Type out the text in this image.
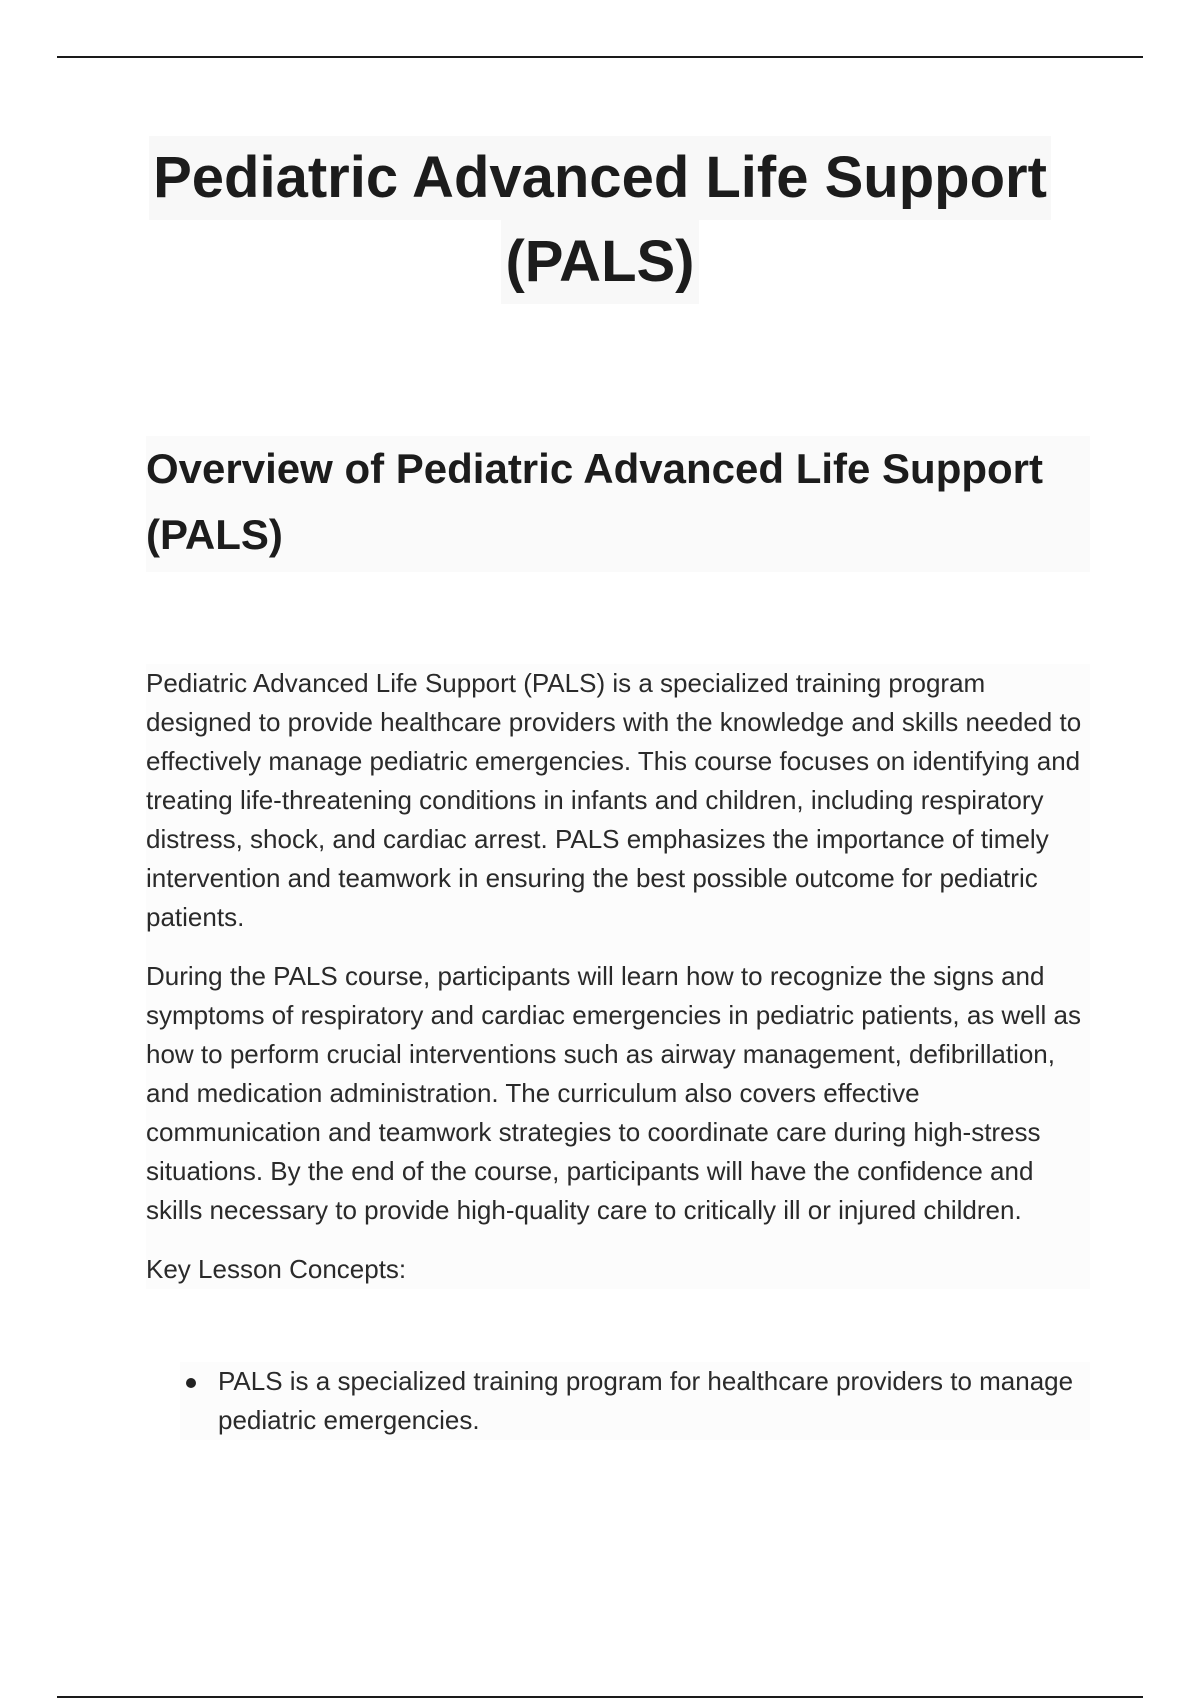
Pediatric Advanced Life Support
(PALS)
Overview of Pediatric Advanced Life Support (PALS)

Pediatric Advanced Life Support (PALS) is a specialized training program designed to provide healthcare providers with the knowledge and skills needed to effectively manage pediatric emergencies. This course focuses on identifying and treating life-threatening conditions in infants and children, including respiratory distress, shock, and cardiac arrest. PALS emphasizes the importance of timely intervention and teamwork in ensuring the best possible outcome for pediatric patients.

During the PALS course, participants will learn how to recognize the signs and symptoms of respiratory and cardiac emergencies in pediatric patients, as well as how to perform crucial interventions such as airway management, defibrillation, and medication administration. The curriculum also covers effective communication and teamwork strategies to coordinate care during high-stress situations. By the end of the course, participants will have the confidence and skills necessary to provide high-quality care to critically ill or injured children.

Key Lesson Concepts:

PALS is a specialized training program for healthcare providers to manage pediatric emergencies.
